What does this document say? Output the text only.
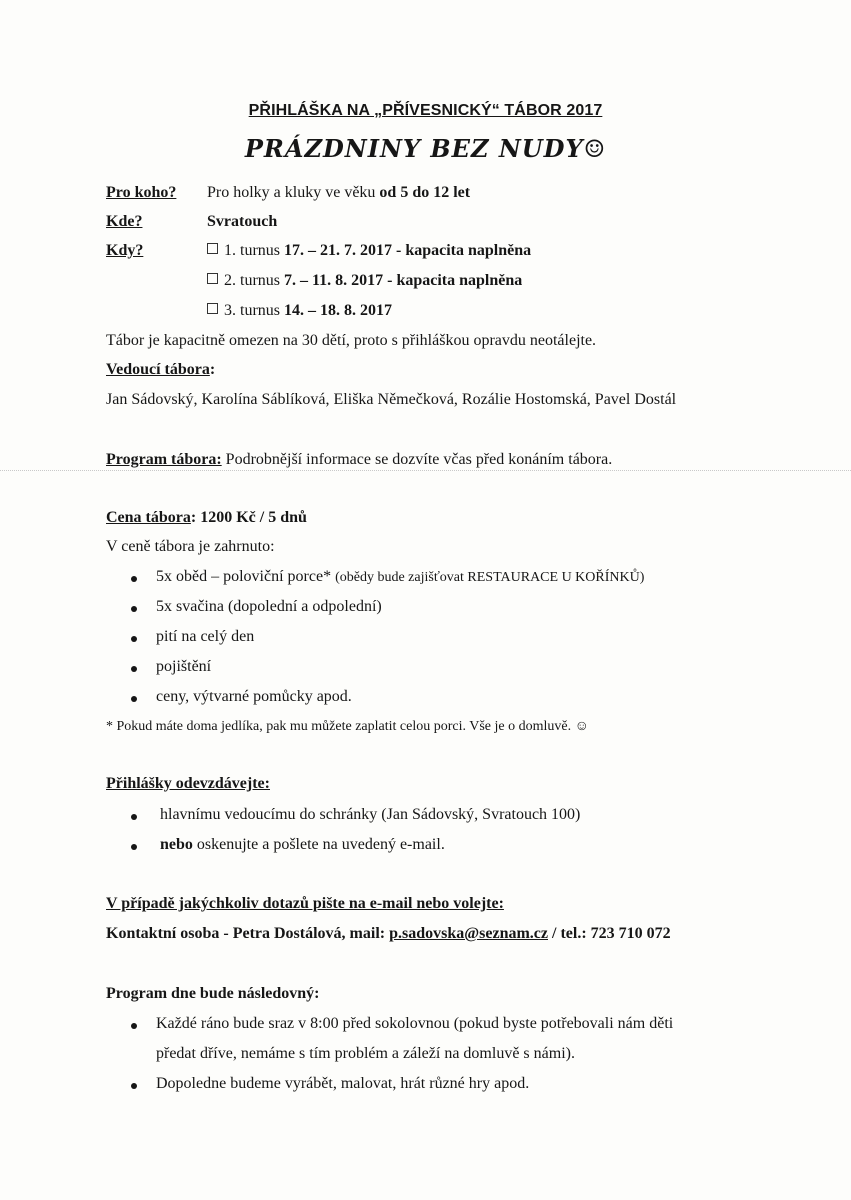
PŘIHLÁŠKA NA „PŘÍVESNICKÝ“ TÁBOR 2017
PRÁZDNINY BEZ NUDY☺
Pro koho? Pro holky a kluky ve věku od 5 do 12 let
Kde?	Svratouch
Kdy?	1. turnus 17. – 21. 7. 2017 - kapacita naplněna
2. turnus 7. – 11. 8. 2017 - kapacita naplněna
3. turnus 14. – 18. 8. 2017
Tábor je kapacitně omezen na 30 dětí, proto s přihláškou opravdu neotálejte.
Vedoucí tábora:
Jan Sádovský, Karolína Sáblíková, Eliška Němečková, Rozálie Hostomská, Pavel Dostál
Program tábora: Podrobnější informace se dozvíte včas před konáním tábora.
Cena tábora: 1200 Kč / 5 dnů
V ceně tábora je zahrnuto:
5x oběd – poloviční porce* (obědy bude zajišťovat RESTAURACE U KOŘÍNKŮ)
5x svačina (dopolední a odpolední)
pití na celý den
pojištění
ceny, výtvarné pomůcky apod.
* Pokud máte doma jedlíka, pak mu můžete zaplatit celou porci. Vše je o domluvě. ☺
Přihlášky odevzdávejte:
hlavnímu vedoucímu do schránky (Jan Sádovský, Svratouch 100)
nebo oskenujte a pošlete na uvedený e-mail.
V případě jakýchkoliv dotazů pište na e-mail nebo volejte:
Kontaktní osoba - Petra Dostálová, mail: p.sadovska@seznam.cz / tel.: 723 710 072
Program dne bude následovný:
Každé ráno bude sraz v 8:00 před sokolovnou (pokud byste potřebovali nám děti
předat dříve, nemáme s tím problém a záleží na domluvě s námi).
Dopoledne budeme vyrábět, malovat, hrát různé hry apod.
